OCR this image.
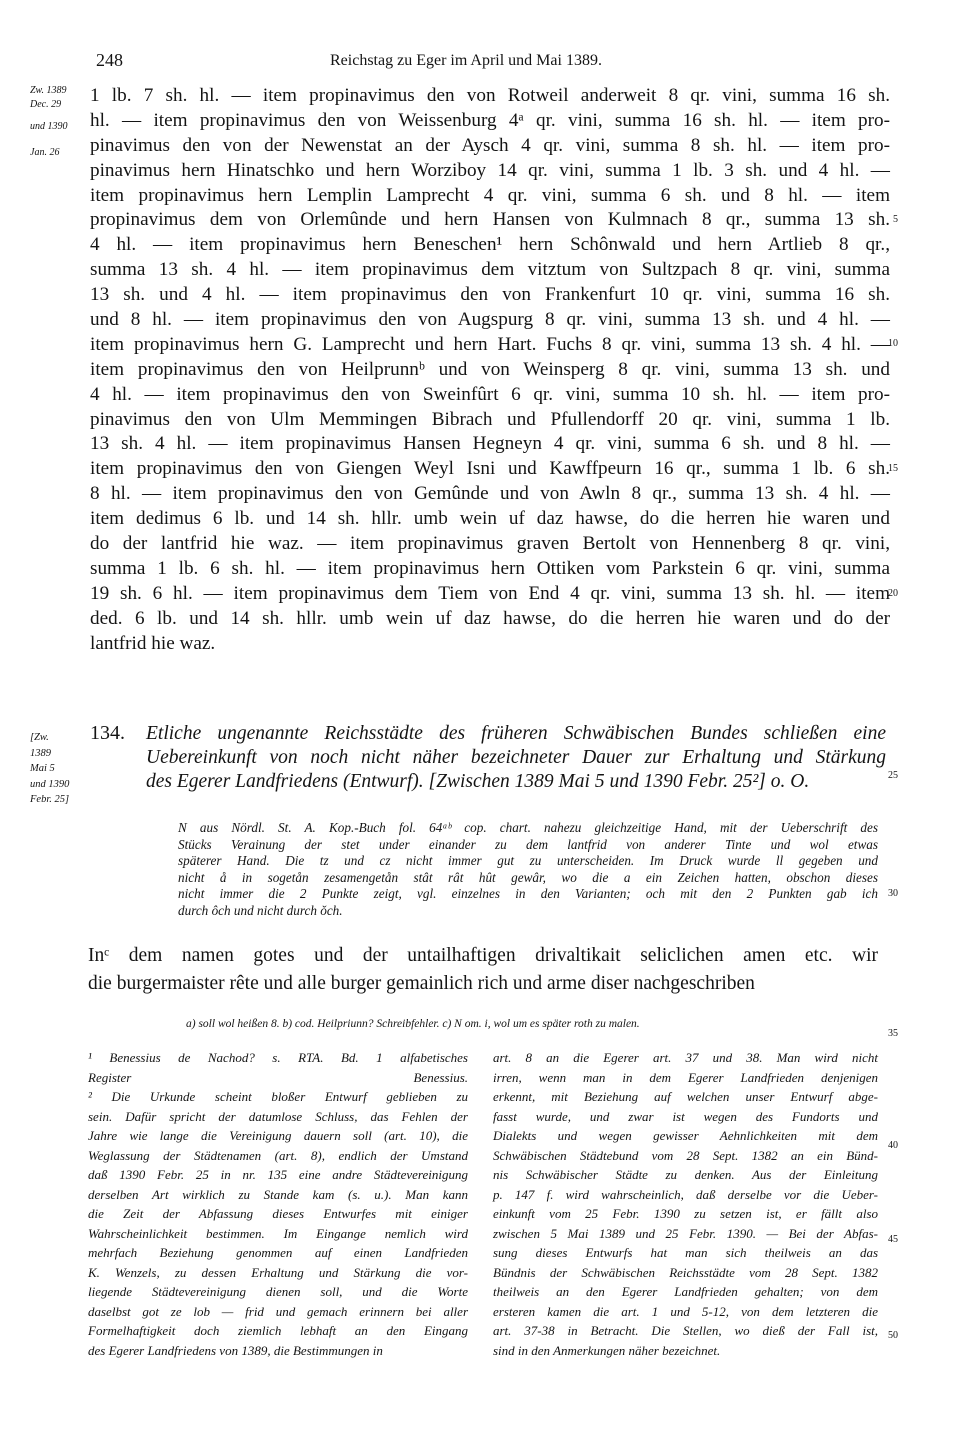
248	Reichstag zu Eger im April und Mai 1389.
Zw. 1389
Dec. 29
und 1390
Jan. 26
1 lb. 7 sh. hl. — item propinavimus den von Rotweil anderweit 8 qr. vini, summa 16 sh.
hl. — item propinavimus den von Weissenburg 4ᵃ qr. vini, summa 16 sh. hl. — item pro-
pinavimus den von der Newenstat an der Aysch 4 qr. vini, summa 8 sh. hl. — item pro-
pinavimus hern Hinatschko und hern Worziboy 14 qr. vini, summa 1 lb. 3 sh. und 4 hl. —
item propinavimus hern Lemplin Lamprecht 4 qr. vini, summa 6 sh. und 8 hl. — item
propinavimus dem von Orlemûnde und hern Hansen von Kulmnach 8 qr., summa 13 sh.
4 hl. — item propinavimus hern Beneschen¹ hern Schônwald und hern Artlieb 8 qr.,
summa 13 sh. 4 hl. — item propinavimus dem vitztum von Sultzpach 8 qr. vini, summa
13 sh. und 4 hl. — item propinavimus den von Frankenfurt 10 qr. vini, summa 16 sh.
und 8 hl. — item propinavimus den von Augspurg 8 qr. vini, summa 13 sh. und 4 hl. —
item propinavimus hern G. Lamprecht und hern Hart. Fuchs 8 qr. vini, summa 13 sh. 4 hl. —
item propinavimus den von Heilprunnᵇ und von Weinsperg 8 qr. vini, summa 13 sh. und
4 hl. — item propinavimus den von Sweinfûrt 6 qr. vini, summa 10 sh. hl. — item pro-
pinavimus den von Ulm Memmingen Bibrach und Pfullendorff 20 qr. vini, summa 1 lb.
13 sh. 4 hl. — item propinavimus Hansen Hegneyn 4 qr. vini, summa 6 sh. und 8 hl. —
item propinavimus den von Giengen Weyl Isni und Kawffpeurn 16 qr., summa 1 lb. 6 sh.
8 hl. — item propinavimus den von Gemûnde und von Awln 8 qr., summa 13 sh. 4 hl. —
item dedimus 6 lb. und 14 sh. hllr. umb wein uf daz hawse, do die herren hie waren und
do der lantfrid hie waz. — item propinavimus graven Bertolt von Hennenberg 8 qr. vini,
summa 1 lb. 6 sh. hl. — item propinavimus hern Ottiken vom Parkstein 6 qr. vini, summa
19 sh. 6 hl. — item propinavimus dem Tiem von End 4 qr. vini, summa 13 sh. hl. — item
ded. 6 lb. und 14 sh. hllr. umb wein uf daz hawse, do die herren hie waren und do der
lantfrid hie waz.
5
10
15
20
25
30
35
40
45
50
[Zw.
1389
Mai 5
und 1390
Febr. 25]
134. Etliche ungenannte Reichsstädte des früheren Schwäbischen Bundes schließen eine
Uebereinkunft von noch nicht näher bezeichneter Dauer zur Erhaltung und Stärkung
des Egerer Landfriedens (Entwurf). [Zwischen 1389 Mai 5 und 1390 Febr. 25²] o. O.
N aus Nördl. St. A. Kop.-Buch fol. 64ᵃᵇ cop. chart. nahezu gleichzeitige Hand, mit der Ueberschrift des
Stücks Verainung der stet under einander zu dem lantfrid von anderer Tinte und wol etwas
späterer Hand. Die tz und cz nicht immer gut zu unterscheiden. Im Druck wurde ll gegeben und
nicht å in sogetån zesamengetån stât rât hût gewâr, wo die a ein Zeichen hatten, obschon dieses
nicht immer die 2 Punkte zeigt, vgl. einzelnes in den Varianten; och mit den 2 Punkten gab ich
durch ôch und nicht durch ŏch.
Inᶜ dem namen gotes und der untailhaftigen drivaltikait seliclichen amen etc. wir
die burgermaister rête und alle burger gemainlich rich und arme diser nachgeschriben
a) soll wol heißen 8. b) cod. Heilpriunn? Schreibfehler. c) N om. i, wol um es später roth zu malen.
¹ Benessius de Nachod? s. RTA. Bd. 1 alfabetisches
Register Benessius.
² Die Urkunde scheint bloßer Entwurf geblieben zu
sein. Dafür spricht der datumlose Schluss, das Fehlen der
Jahre wie lange die Vereinigung dauern soll (art. 10), die
Weglassung der Städtenamen (art. 8), endlich der Umstand
daß 1390 Febr. 25 in nr. 135 eine andre Städtevereinigung
derselben Art wirklich zu Stande kam (s. u.). Man kann
die Zeit der Abfassung dieses Entwurfes mit einiger
Wahrscheinlichkeit bestimmen. Im Eingange nemlich wird
mehrfach Beziehung genommen auf einen Landfrieden
K. Wenzels, zu dessen Erhaltung und Stärkung die vor-
liegende Städtevereinigung dienen soll, und die Worte
daselbst got ze lob — frid und gemach erinnern bei aller
Formelhaftigkeit doch ziemlich lebhaft an den Eingang
des Egerer Landfriedens von 1389, die Bestimmungen in
art. 8 an die Egerer art. 37 und 38. Man wird nicht
irren, wenn man in dem Egerer Landfrieden denjenigen
erkennt, mit Beziehung auf welchen unser Entwurf abge-
fasst wurde, und zwar ist wegen des Fundorts und
Dialekts und wegen gewisser Aehnlichkeiten mit dem
Schwäbischen Städtebund vom 28 Sept. 1382 an ein Bünd-
nis Schwäbischer Städte zu denken. Aus der Einleitung
p. 147 f. wird wahrscheinlich, daß derselbe vor die Ueber-
einkunft vom 25 Febr. 1390 zu setzen ist, er fällt also
zwischen 5 Mai 1389 und 25 Febr. 1390. — Bei der Abfas-
sung dieses Entwurfs hat man sich theilweis an das
Bündnis der Schwäbischen Reichsstädte vom 28 Sept. 1382
theilweis an den Egerer Landfrieden gehalten; von dem
ersteren kamen die art. 1 und 5-12, von dem letzteren die
art. 37-38 in Betracht. Die Stellen, wo dieß der Fall ist,
sind in den Anmerkungen näher bezeichnet.
